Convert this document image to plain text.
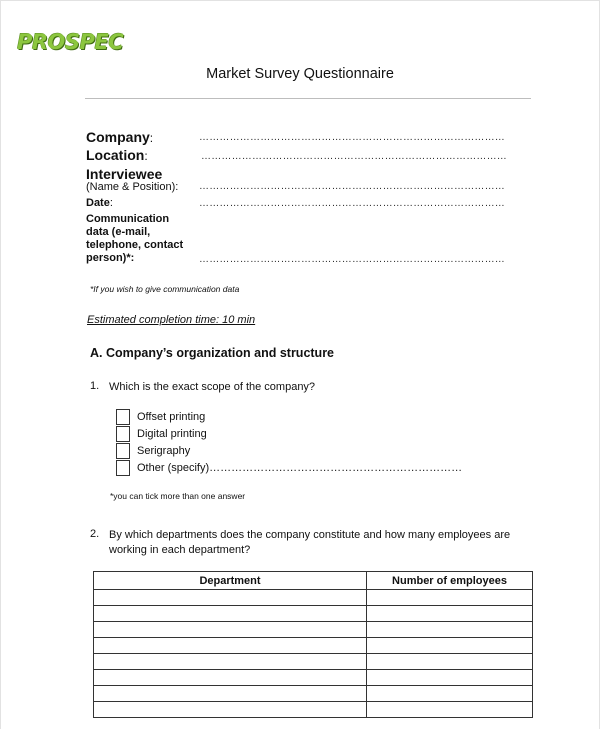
PROSPEC
Market Survey Questionnaire
Company:	………………………………………………………………………………
Location:	………………………………………………………………………………
Interviewee
(Name & Position): ………………………………………………………………………………
Date:	………………………………………………………………………………
Communication
data (e-mail,
telephone, contact
person)*:	………………………………………………………………………………
*If you wish to give communication data
Estimated completion time: 10 min
A. Company’s organization and structure
1. Which is the exact scope of the company?
Offset printing
Digital printing
Serigraphy
Other (specify)……………………………………………………………
*you can tick more than one answer
2. By which departments does the company constitute and how many employees are
working in each department?
Department	Number of employees
